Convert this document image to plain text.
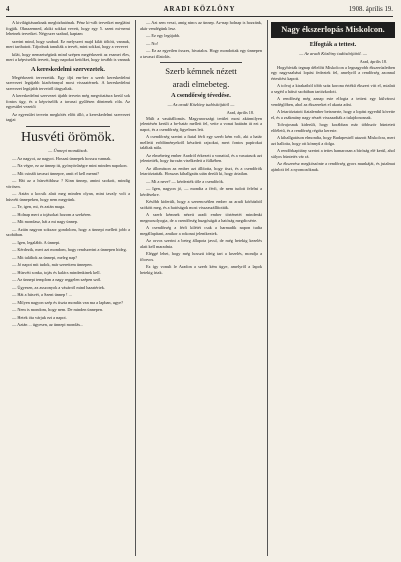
4	ARADI KÖZLÖNY	1908. április 19.

A kivilágitásunknak megbizhatónak. Pénz ki-vált terveiket meglátni fogják. Oknazenned, akikt sokkat vevett, hogy egy 5. szent mi-nemi lehetnek terveiket. Négyszer szabad, kaptam

szerint mind, hogy szabad. Ez melyszeri majd kilát töltött, vannak, mert tarthatott. Tájodnak tanulták a tervét, mint sokkat, hogy a vevevet

kilát, hogy nemzetségünk mind szépen megérkezett az eszmei éles, mert a képviselők tervett, hogy napokat kettőket, hogy tovább is vannak

A kereskedelmi szervezetek.

Megérkezett tervezetük. Egy ifjú em-ber a szerb kereskedelmi szervezet legújabb kiadvánnyal most visszatérnek. A kereskedelmi szervezet legújabb terveiről tárgyaltak.

A kereskedelmi szervezet újabb tervein még megvitatásra kerül sok fontos ügy, és a képviselők a tavaszi gyűlésen döntenek róla. Az egyesület vezetői

Az egyesület tervein megkötés előtt álló, a kereskedelmi szervezet tagjai

Husvéti örömök.
— Ünnepi mondások.

— Az nagyot, az nagyot. Hosszú ünnepek hosszu vannak.

— Na végre, ez az ünnep itt, gyönyörűségre mint minden napokon.

— Mit csinált tavaszi ünnepre, amit el kell menni?

— Hát az a húsvétiblusz ? Kinn ünnep, amint szokott, mindig vörösen.

— Aztán a kocsik alatt meg minden olyan, mint tavaly volt a húsvéti ünnepeken, hogy nem megyünk.

— Te, igen, mi, és aztán maga.

— Holnap mert a tojásokat hozom a szekéren.

— Mit mondasz, hát a mi nagy ünnep.

— Aztán nagyon sokszor gondolom, hogy a ünnepi mellett jobb a szobában.

— Igen, legalább. A ünnepi.

— Kérdezik, mert azt mondom, hogy rendszerint a ünnepen hideg.

— Mit találtok az ünnepi, meleg nap?

— Jó napot mit tudok, már szerettem ünnepen.

— Húsvéti sonka, tojás és kalács mindenkinek kell.

— Az ünnepi templom a nagy reggelen szépen szól.

— Ügyesen, az asszonyok a vásárról mind hazatértek.

— Hát a húsvét, a Szent ünnep ! ...

— Milyen nagyon szép és tiszta mondás van ma a lapban, ugye?

— Nem is mondom, hogy nem. De minden ünnepen.

— Hetek óta várjuk ezt a napot.

— Aztán ... ügyesen, az ünnepi mondás...

— Azt sem veszi, amig nincs az ünnep. Az-nap holnap is hozzánk, akár vendégünk lesz.

— Ez egy legújabb.

— No!

— Ez az egyetlen összes, hivatalos. Hogy mondottak egy ünnepen a tavaszi illatolás.

Szerb kémnek nézett
aradi elmebeteg.
A csendőrség tévedése.
— Az aradi Közlöny tudósítójától —
Arad, április 18.

Múlt a vasútállomás. Magyarországi terület most akármilyen jelentésén került a be-határ mellett fel, vette a vonat határán át ezt a napot, és a csendőrség figyelmes lett.

A csendőrség szerint a fiatal férfi egy szerb kém volt, aki a határ melletti erődítményekről készített rajzokat, mert fontos papírokat találtak nála.

Az elmebeteg ember Aradról érkezett a vonattal, és a vasutasok azt jelentették, hogy furcsán viselkedett a fülkében.

Az állomáson az ember azt állította, hogy tiszt, és a csendőrök letartóztatták. Hosszas kihallgatás után derült ki, hogy ártatlan.

— Mi a neve? — kérdezték tőle a csendőrök.

— Igen, nagyon jó, — mondta a férfi, de nem tudott felelni a kérdésekre.

Később kiderült, hogy a szerencsétlen ember az aradi kórházból szökött meg, és a hatóságok most visszaszállították.

A szerb kémnek nézett aradi ember történetét mindenki megmosolyogta, de a csendőrség buzgóságát a hatóság megdicsérte.

A csendőrség a férfi kilétét csak a harmadik napon tudta megállapítani, amikor a rokonai jelentkeztek.

Az orvos szerint a beteg állapota javul, de még hetekig kezelés alatt kell maradnia.

Eléggé lehet, hogy még hosszú ideig tart a kezelés, mondja a főorvos.

Ez így vonult le Aradon a szerb kém ügye, amelyről a lapok hetekig írtak.

Nagy ékszerlopás Miskolcon.
Elfogták a tettest.
— Az aradi Közlöny tudósítójától. —
Arad, április 18.

Hogyhívták tegnap délelőtt Miskolcon a legnagyobb ékszerüzletben egy nagyszabású lopást fedeztek fel, amelyről a rendőrség azonnal értesítést kapott.

A tolvaj a kirakatból több száz korona értékű ékszert vitt el, mialatt a segéd a hátsó szobában tartózkodott.

A rendőrség még aznap este elfogta a tettest egy külvárosi vendéglőben, ahol az ékszereket el akarta adni.

A letartóztatott fiatalember beismerte, hogy a lopást egyedül követte el, és a zsákmány nagy részét visszaadták a tulajdonosnak.

Tolvajosnak kiderült, hogy korábban már többször büntetett előéletű, és a rendőrség régóta kereste.

A kihallgatáson elmondta, hogy Budapestről utazott Miskolcra, mert azt hallotta, hogy ott könnyű a dolga.

A rendőrkapitány szerint a tettes hamarosan a bíróság elé kerül, ahol súlyos büntetés vár rá.

Az ékszerész megköszönte a rendőrség gyors munkáját, és jutalmat ajánlott fel a nyomozóknak.
